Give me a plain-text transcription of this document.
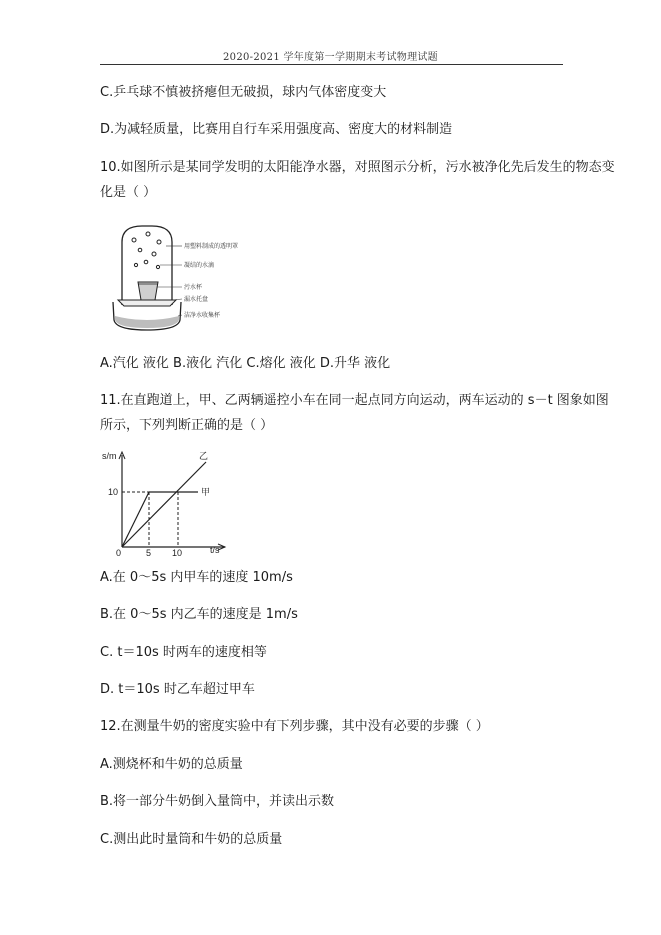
2020-2021 学年度第一学期期末考试物理试题
C.乒乓球不慎被挤瘪但无破损，球内气体密度变大
D.为减轻质量，比赛用自行车采用强度高、密度大的材料制造
10.如图所示是某同学发明的太阳能净水器，对照图示分析，污水被净化先后发生的物态变
化是（ ）
用塑料制成的透明罩
凝结的水滴
污水杯
漏水托盘
洁净水收集杯
A.汽化 液化 B.液化 汽化 C.熔化 液化 D.升华 液化
11.在直跑道上，甲、乙两辆遥控小车在同一起点同方向运动，两车运动的 s－t 图象如图
所示，下列判断正确的是（ ）
s/m
t/s
0
10
5 10
甲
乙
A.在 0～5s 内甲车的速度 10m/s
B.在 0～5s 内乙车的速度是 1m/s
C. t＝10s 时两车的速度相等
D. t＝10s 时乙车超过甲车
12.在测量牛奶的密度实验中有下列步骤，其中没有必要的步骤（ ）
A.测烧杯和牛奶的总质量
B.将一部分牛奶倒入量筒中，并读出示数
C.测出此时量筒和牛奶的总质量
